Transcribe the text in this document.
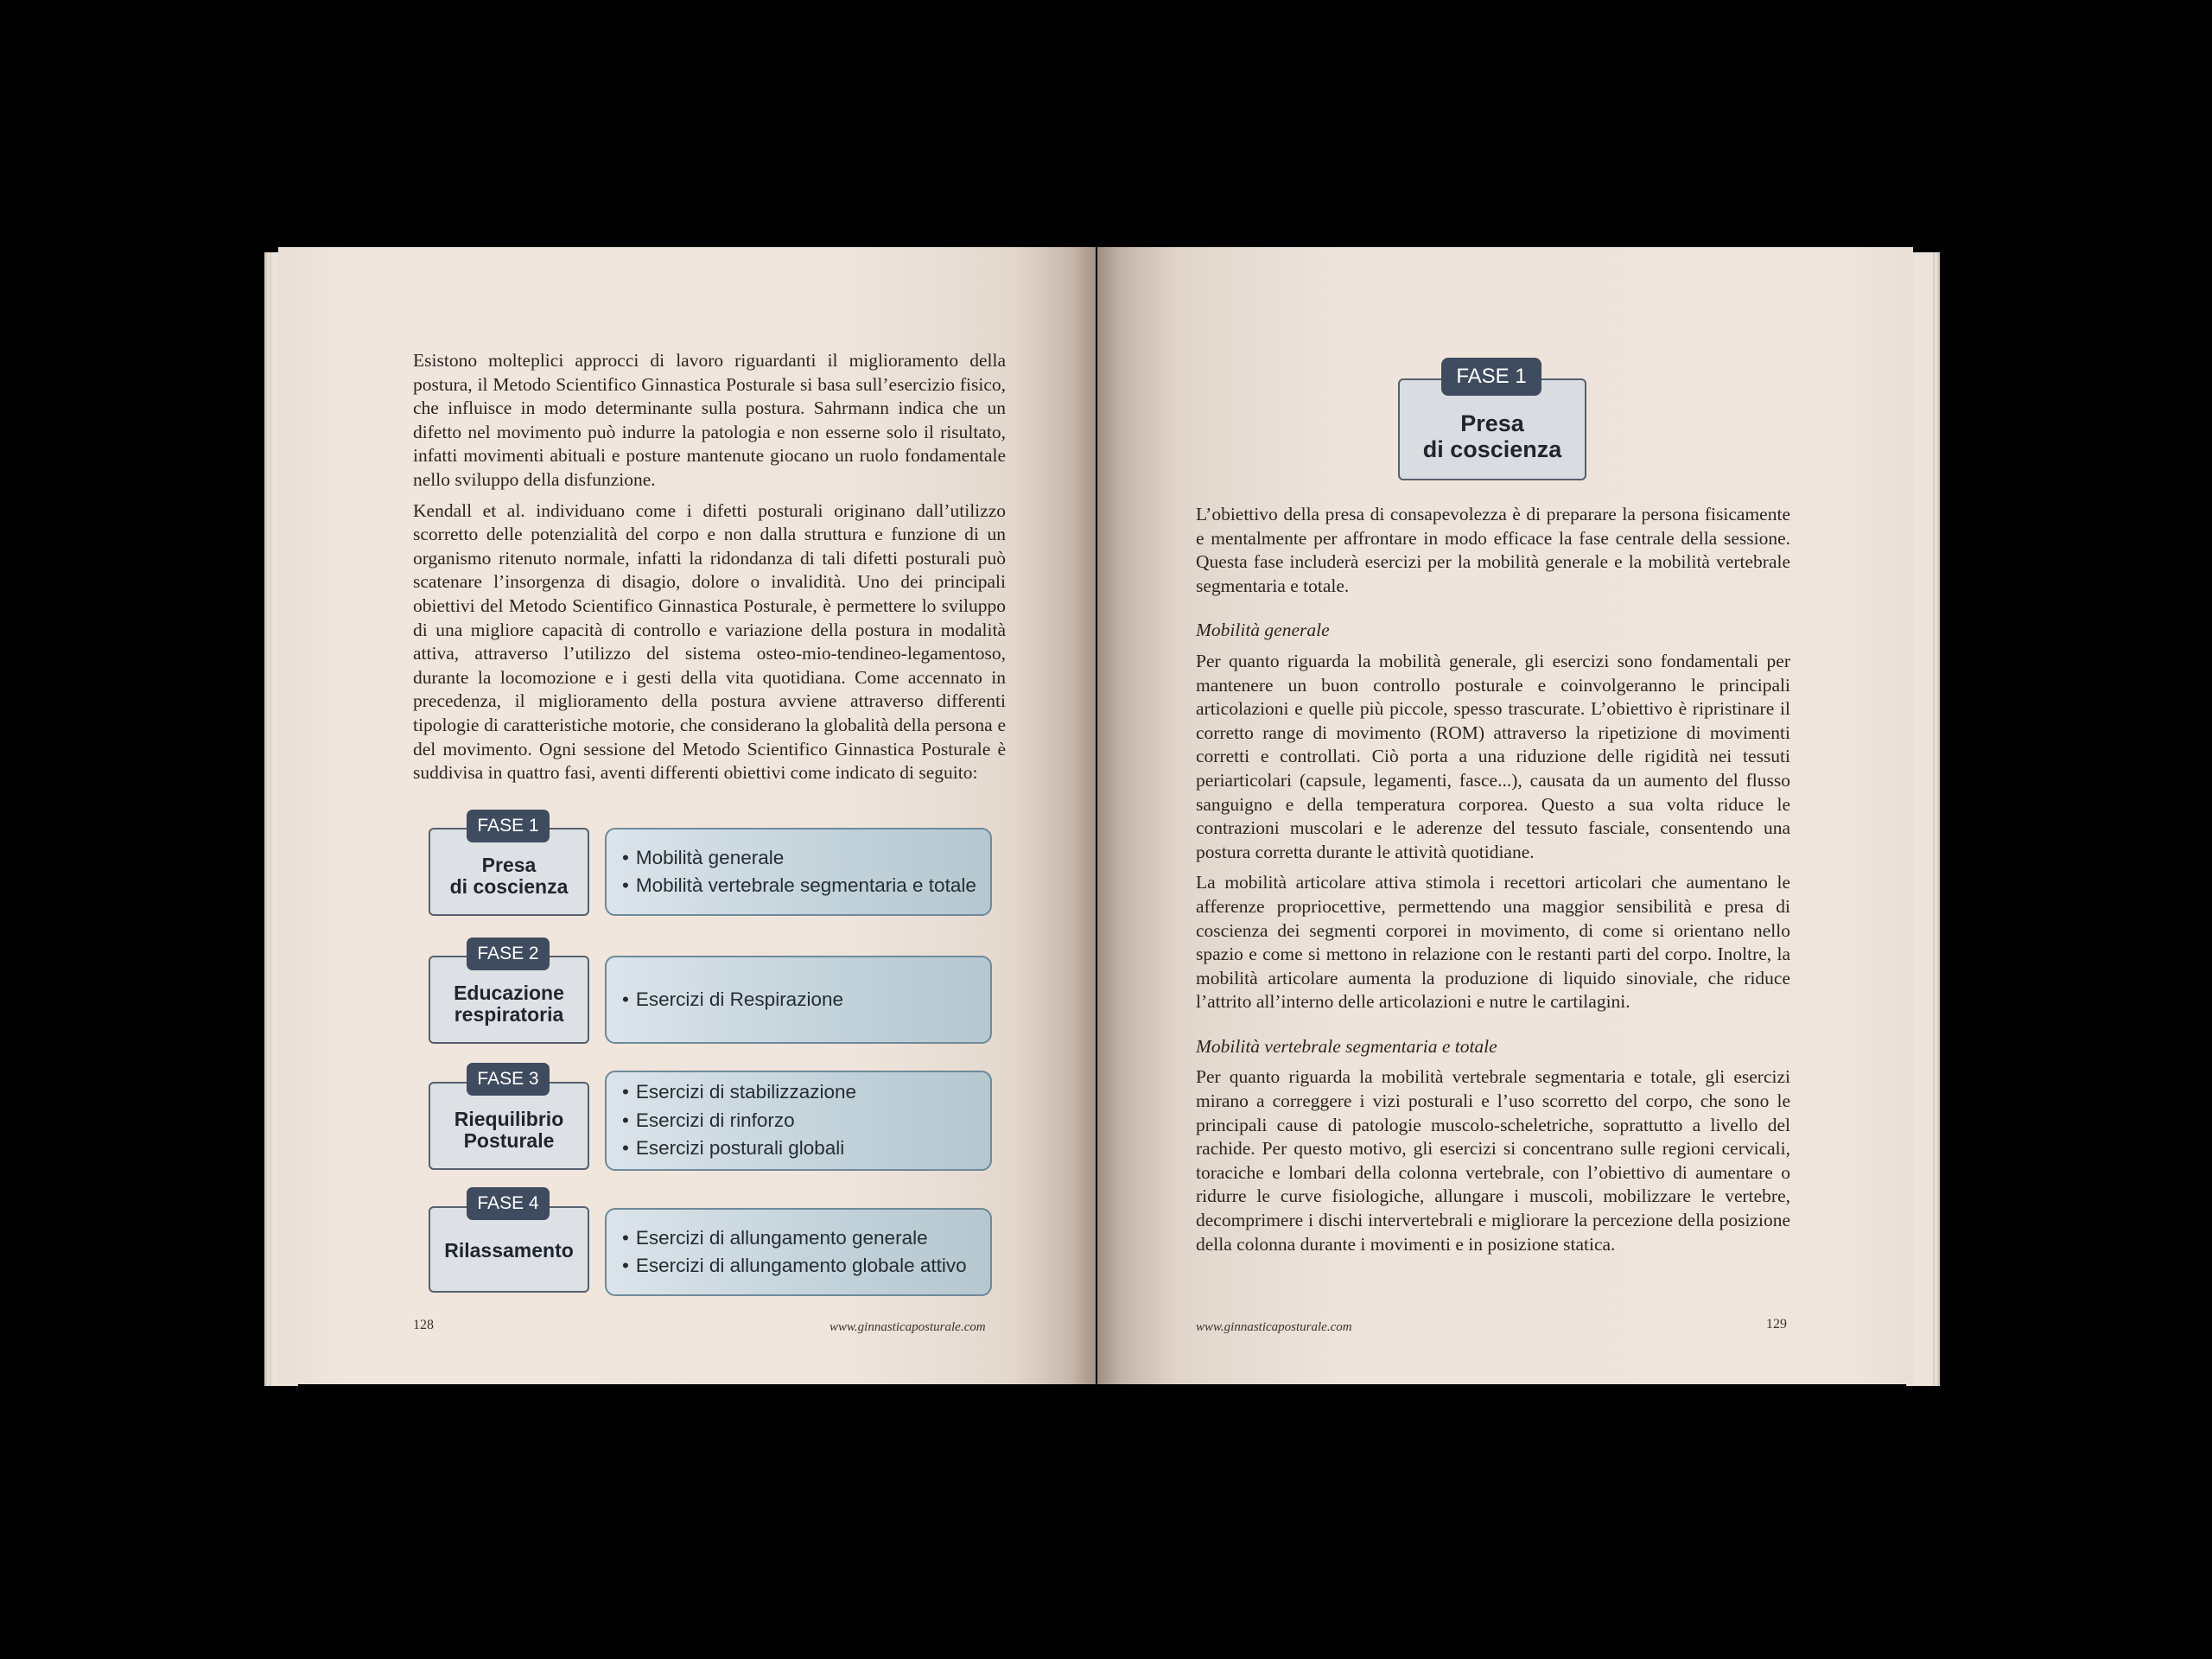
Esistono molteplici approcci di lavoro riguardanti il miglioramento della postura, il Metodo Scientifico Ginnastica Posturale si basa sull’esercizio fisico, che influisce in modo determinante sulla postura. Sahrmann indica che un difetto nel movimento può indurre la patologia e non esserne solo il risultato, infatti movimenti abituali e posture mantenute giocano un ruolo fondamentale nello sviluppo della disfunzione.

Kendall et al. individuano come i difetti posturali originano dall’utilizzo scorretto delle potenzialità del corpo e non dalla struttura e funzione di un organismo ritenuto normale, infatti la ridondanza di tali difetti posturali può scatenare l’insorgenza di disagio, dolore o invalidità. Uno dei principali obiettivi del Metodo Scientifico Ginnastica Posturale, è permettere lo sviluppo di una migliore capacità di controllo e variazione della postura in modalità attiva, attraverso l’utilizzo del sistema osteo-mio-tendineo-legamentoso, durante la locomozione e i gesti della vita quotidiana. Come accennato in precedenza, il miglioramento della postura avviene attraverso differenti tipologie di caratteristiche motorie, che considerano la globalità della persona e del movimento. Ogni sessione del Metodo Scientifico Ginnastica Posturale è suddivisa in quattro fasi, aventi differenti obiettivi come indicato di seguito:

Presa
di coscienza
FASE 1
• Mobilità generale
• Mobilità vertebrale segmentaria e totale
Educazione
respiratoria
FASE 2
• Esercizi di Respirazione
Riequilibrio
Posturale
FASE 3
• Esercizi di stabilizzazione
• Esercizi di rinforzo
• Esercizi posturali globali
Rilassamento
FASE 4
• Esercizi di allungamento generale
• Esercizi di allungamento globale attivo
128	www.ginnasticaposturale.com
Presa
di coscienza
FASE 1

L’obiettivo della presa di consapevolezza è di preparare la persona fisicamente e mentalmente per affrontare in modo efficace la fase centrale della sessione. Questa fase includerà esercizi per la mobilità generale e la mobilità vertebrale segmentaria e totale.

Mobilità generale

Per quanto riguarda la mobilità generale, gli esercizi sono fondamentali per mantenere un buon controllo posturale e coinvolgeranno le principali articolazioni e quelle più piccole, spesso trascurate. L’obiettivo è ripristinare il corretto range di movimento (ROM) attraverso la ripetizione di movimenti corretti e controllati. Ciò porta a una riduzione delle rigidità nei tessuti periarticolari (capsule, legamenti, fasce...), causata da un aumento del flusso sanguigno e della temperatura corporea. Questo a sua volta riduce le contrazioni muscolari e le aderenze del tessuto fasciale, consentendo una postura corretta durante le attività quotidiane.

La mobilità articolare attiva stimola i recettori articolari che aumentano le afferenze propriocettive, permettendo una maggior sensibilità e presa di coscienza dei segmenti corporei in movimento, di come si orientano nello spazio e come si mettono in relazione con le restanti parti del corpo. Inoltre, la mobilità articolare aumenta la produzione di liquido sinoviale, che riduce l’attrito all’interno delle articolazioni e nutre le cartilagini.

Mobilità vertebrale segmentaria e totale

Per quanto riguarda la mobilità vertebrale segmentaria e totale, gli esercizi mirano a correggere i vizi posturali e l’uso scorretto del corpo, che sono le principali cause di patologie muscolo-scheletriche, soprattutto a livello del rachide. Per questo motivo, gli esercizi si concentrano sulle regioni cervicali, toraciche e lombari della colonna vertebrale, con l’obiettivo di aumentare o ridurre le curve fisiologiche, allungare i muscoli, mobilizzare le vertebre, decomprimere i dischi intervertebrali e migliorare la percezione della posizione della colonna durante i movimenti e in posizione statica.

www.ginnasticaposturale.com	129
